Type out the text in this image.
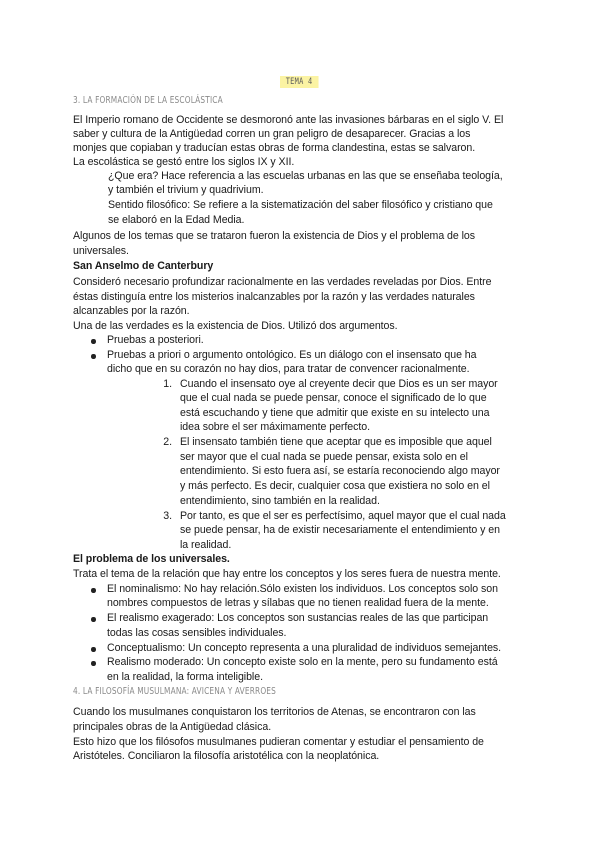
TEMA 4
3. LA FORMACIÓN DE LA ESCOLÁSTICA
El Imperio romano de Occidente se desmoronó ante las invasiones bárbaras en el siglo V. El
saber y cultura de la Antigüedad corren un gran peligro de desaparecer. Gracias a los
monjes que copiaban y traducían estas obras de forma clandestina, estas se salvaron.
La escolástica se gestó entre los siglos IX y XII.
¿Que era? Hace referencia a las escuelas urbanas en las que se enseñaba teología,
y también el trivium y quadrivium.
Sentido filosófico: Se refiere a la sistematización del saber filosófico y cristiano que
se elaboró en la Edad Media.
Algunos de los temas que se trataron fueron la existencia de Dios y el problema de los
universales.
San Anselmo de Canterbury
Consideró necesario profundizar racionalmente en las verdades reveladas por Dios. Entre
éstas distinguía entre los misterios inalcanzables por la razón y las verdades naturales
alcanzables por la razón.
Una de las verdades es la existencia de Dios. Utilizó dos argumentos.
Pruebas a posteriori.
Pruebas a priori o argumento ontológico. Es un diálogo con el insensato que ha
dicho que en su corazón no hay dios, para tratar de convencer racionalmente.
1. Cuando el insensato oye al creyente decir que Dios es un ser mayor
que el cual nada se puede pensar, conoce el significado de lo que
está escuchando y tiene que admitir que existe en su intelecto una
idea sobre el ser máximamente perfecto.
2. El insensato también tiene que aceptar que es imposible que aquel
ser mayor que el cual nada se puede pensar, exista solo en el
entendimiento. Si esto fuera así, se estaría reconociendo algo mayor
y más perfecto. Es decir, cualquier cosa que existiera no solo en el
entendimiento, sino también en la realidad.
3. Por tanto, es que el ser es perfectísimo, aquel mayor que el cual nada
se puede pensar, ha de existir necesariamente el entendimiento y en
la realidad.
El problema de los universales.
Trata el tema de la relación que hay entre los conceptos y los seres fuera de nuestra mente.
El nominalismo: No hay relación.Sólo existen los individuos. Los conceptos solo son
nombres compuestos de letras y sílabas que no tienen realidad fuera de la mente.
El realismo exagerado: Los conceptos son sustancias reales de las que participan
todas las cosas sensibles individuales.
Conceptualismo: Un concepto representa a una pluralidad de individuos semejantes.
Realismo moderado: Un concepto existe solo en la mente, pero su fundamento está
en la realidad, la forma inteligible.
4. LA FILOSOFÍA MUSULMANA: AVICENA Y AVERROES
Cuando los musulmanes conquistaron los territorios de Atenas, se encontraron con las
principales obras de la Antigüedad clásica.
Esto hizo que los filósofos musulmanes pudieran comentar y estudiar el pensamiento de
Aristóteles. Conciliaron la filosofía aristotélica con la neoplatónica.
